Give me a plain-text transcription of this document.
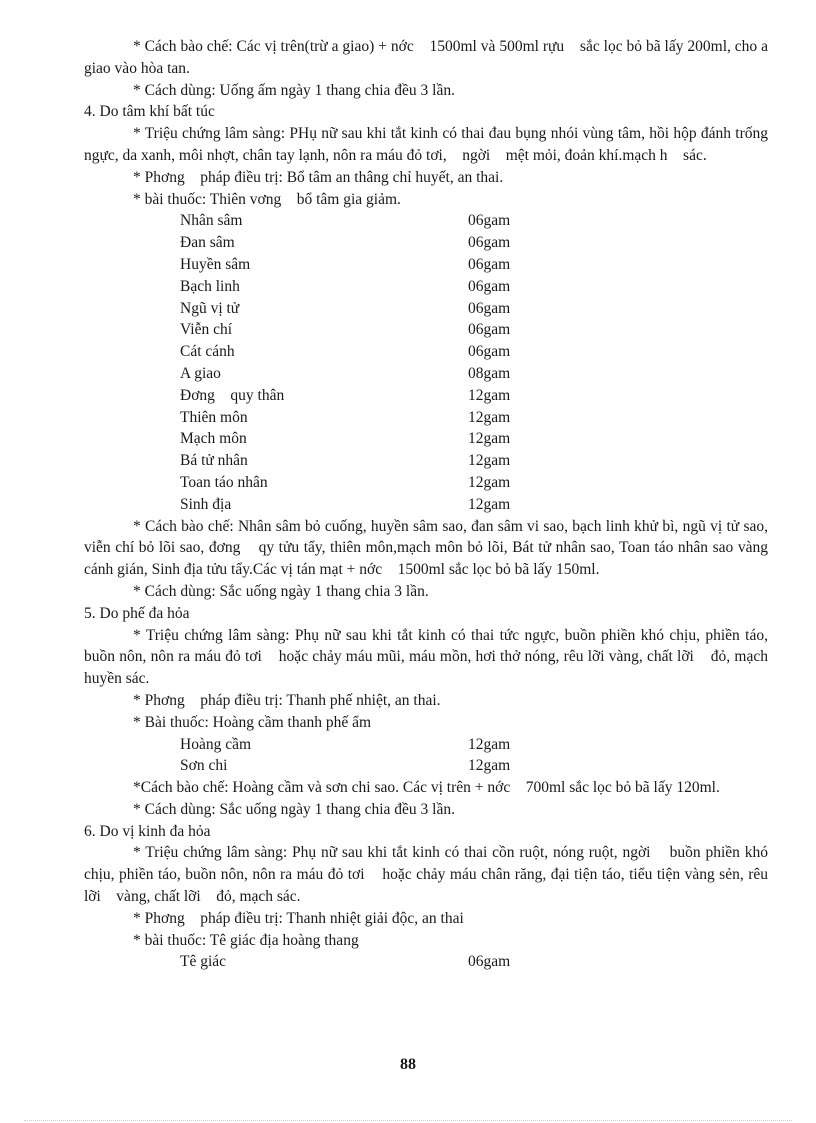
* Cách bào chế: Các vị trên(trừ a giao) + nớc    1500ml và 500ml rựu    sắc lọc bỏ bã lấy 200ml, cho a giao vào hòa tan.

* Cách dùng: Uống ấm ngày 1 thang chia đều 3 lần.

4. Do tâm khí bất túc

* Triệu chứng lâm sàng: PHụ nữ sau khi tắt kinh có thai đau bụng nhói vùng tâm, hồi hộp đánh trống ngực, da xanh, môi nhợt, chân tay lạnh, nôn ra máu đỏ tơi,    ngời    mệt mỏi, đoản khí.mạch h    sác.

* Phơng    pháp điều trị: Bổ tâm an thâng chỉ huyết, an thai.

* bài thuốc: Thiên vơng    bổ tâm gia giảm.

Nhân sâm	06gam
Đan sâm	06gam
Huyền sâm	06gam
Bạch linh	06gam
Ngũ vị tử	06gam
Viễn chí	06gam
Cát cánh	06gam
A giao	08gam
Đơng    quy thân	12gam
Thiên môn	12gam
Mạch môn	12gam
Bá tử nhân	12gam
Toan táo nhân	12gam
Sinh địa	12gam

* Cách bào chế: Nhân sâm bỏ cuống, huyền sâm sao, đan sâm vi sao, bạch linh khử bì, ngũ vị tử sao, viễn chí bỏ lõi sao, đơng    qy tửu tẩy, thiên môn,mạch môn bỏ lõi, Bát tử nhân sao, Toan táo nhân sao vàng cánh gián, Sinh địa tửu tẩy.Các vị tán mạt + nớc    1500ml sắc lọc bỏ bã lấy 150ml.

* Cách dùng: Sắc uống ngày 1 thang chia 3 lần.

5. Do phế đa hỏa

* Triệu chứng lâm sàng: Phụ nữ sau khi tắt kinh có thai tức ngực, buồn phiền khó chịu, phiền táo, buồn nôn, nôn ra máu đỏ tơi    hoặc chảy máu mũi, máu mồn, hơi thở nóng, rêu lỡi vàng, chất lỡi    đỏ, mạch huyền sác.

* Phơng    pháp điều trị: Thanh phế nhiệt, an thai.

* Bài thuốc: Hoàng cầm thanh phế ẩm

Hoàng cầm	12gam
Sơn chi	12gam

*Cách bào chế: Hoàng cầm và sơn chi sao. Các vị trên + nớc    700ml sắc lọc bỏ bã lấy 120ml.

* Cách dùng: Sắc uống ngày 1 thang chia đều 3 lần.

6. Do vị kinh đa hỏa

* Triệu chứng lâm sàng: Phụ nữ sau khi tắt kinh có thai cồn ruột, nóng ruột, ngời    buồn phiền khó chịu, phiền táo, buồn nôn, nôn ra máu đỏ tơi    hoặc chảy máu chân răng, đại tiện táo, tiểu tiện vàng sẻn, rêu lỡi    vàng, chất lỡi    đỏ, mạch sác.

* Phơng    pháp điều trị: Thanh nhiệt giải độc, an thai

* bài thuốc: Tê giác địa hoàng thang

Tê giác	06gam
88
